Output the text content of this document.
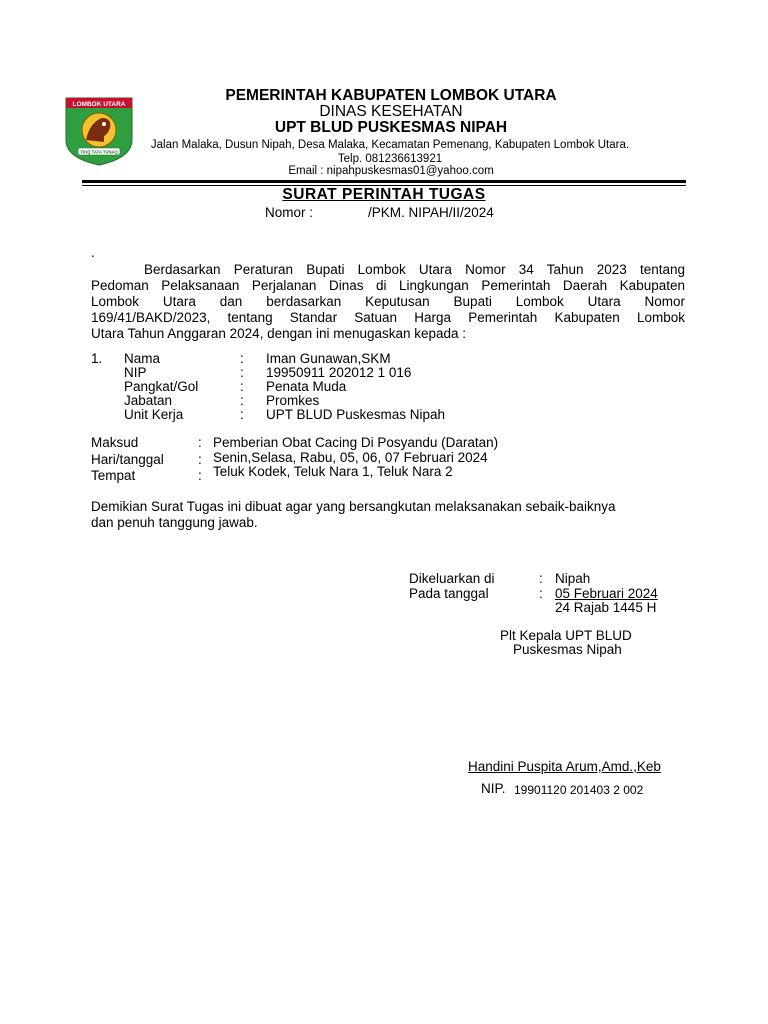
LOMBOK UTARA
TIOQ TATA TUNAQ
PEMERINTAH KABUPATEN LOMBOK UTARA
DINAS KESEHATAN
UPT BLUD PUSKESMAS NIPAH
Jalan Malaka, Dusun Nipah, Desa Malaka, Kecamatan Pemenang, Kabupaten Lombok Utara. Telp. 081236613921
Email : nipahpuskesmas01@yahoo.com
SURAT PERINTAH TUGAS
Nomor :	/PKM. NIPAH/II/2024
.
Berdasarkan Peraturan Bupati Lombok Utara Nomor 34 Tahun 2023 tentang
Pedoman Pelaksanaan Perjalanan Dinas di Lingkungan Pemerintah Daerah Kabupaten
Lombok Utara dan berdasarkan Keputusan Bupati Lombok Utara Nomor
169/41/BAKD/2023, tentang Standar Satuan Harga Pemerintah Kabupaten Lombok
Utara Tahun Anggaran 2024, dengan ini menugaskan kepada :
1. Nama	: Iman Gunawan,SKM
NIP	: 19950911 202012 1 016
Pangkat/Gol	: Penata Muda
Jabatan	: Promkes
Unit Kerja	: UPT BLUD Puskesmas Nipah
Maksud	: Pemberian Obat Cacing Di Posyandu (Daratan)
Hari/tanggal	: Senin,Selasa, Rabu, 05, 06, 07 Februari 2024
Tempat	: Teluk Kodek, Teluk Nara 1, Teluk Nara 2
Demikian Surat Tugas ini dibuat agar yang bersangkutan melaksanakan sebaik-baiknya
dan penuh tanggung jawab.
Dikeluarkan di	: Nipah
Pada tanggal	: 05 Februari 2024
24 Rajab 1445 H
Plt Kepala UPT BLUD
Puskesmas Nipah
Handini Puspita Arum,Amd.,Keb
NIP. 19901120 201403 2 002
